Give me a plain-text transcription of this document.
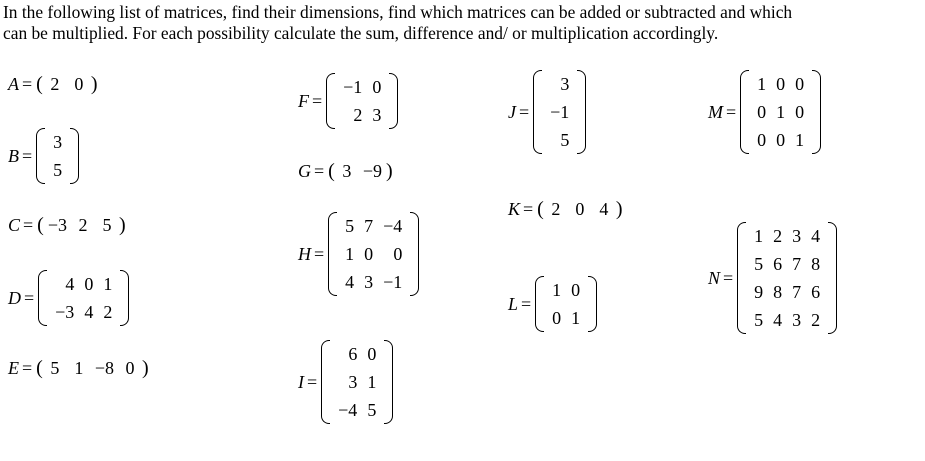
In the following list of matrices, find their dimensions, find which matrices can be added or subtracted and which
can be multiplied. For each possibility calculate the sum, difference and/ or multiplication accordingly.
A = ( 2 0 )
C = ( −3 2 5 )
E = ( 5 1 −8 0 )
G = ( 3 −9 )
K = ( 2 0 4 )
B =
3
5
D =
4 0 1
−3 4 2
F =
−1 0
2 3
H =
5 7 −4
1 0	0
4 3 −1
I =
6 0
3 1
−4 5
J =
3
−1
5
L =
1 0
0 1
M =
1 0 0
0 1 0
0 0 1
N =
1 2 3 4
5 6 7 8
9 8 7 6
5 4 3 2
